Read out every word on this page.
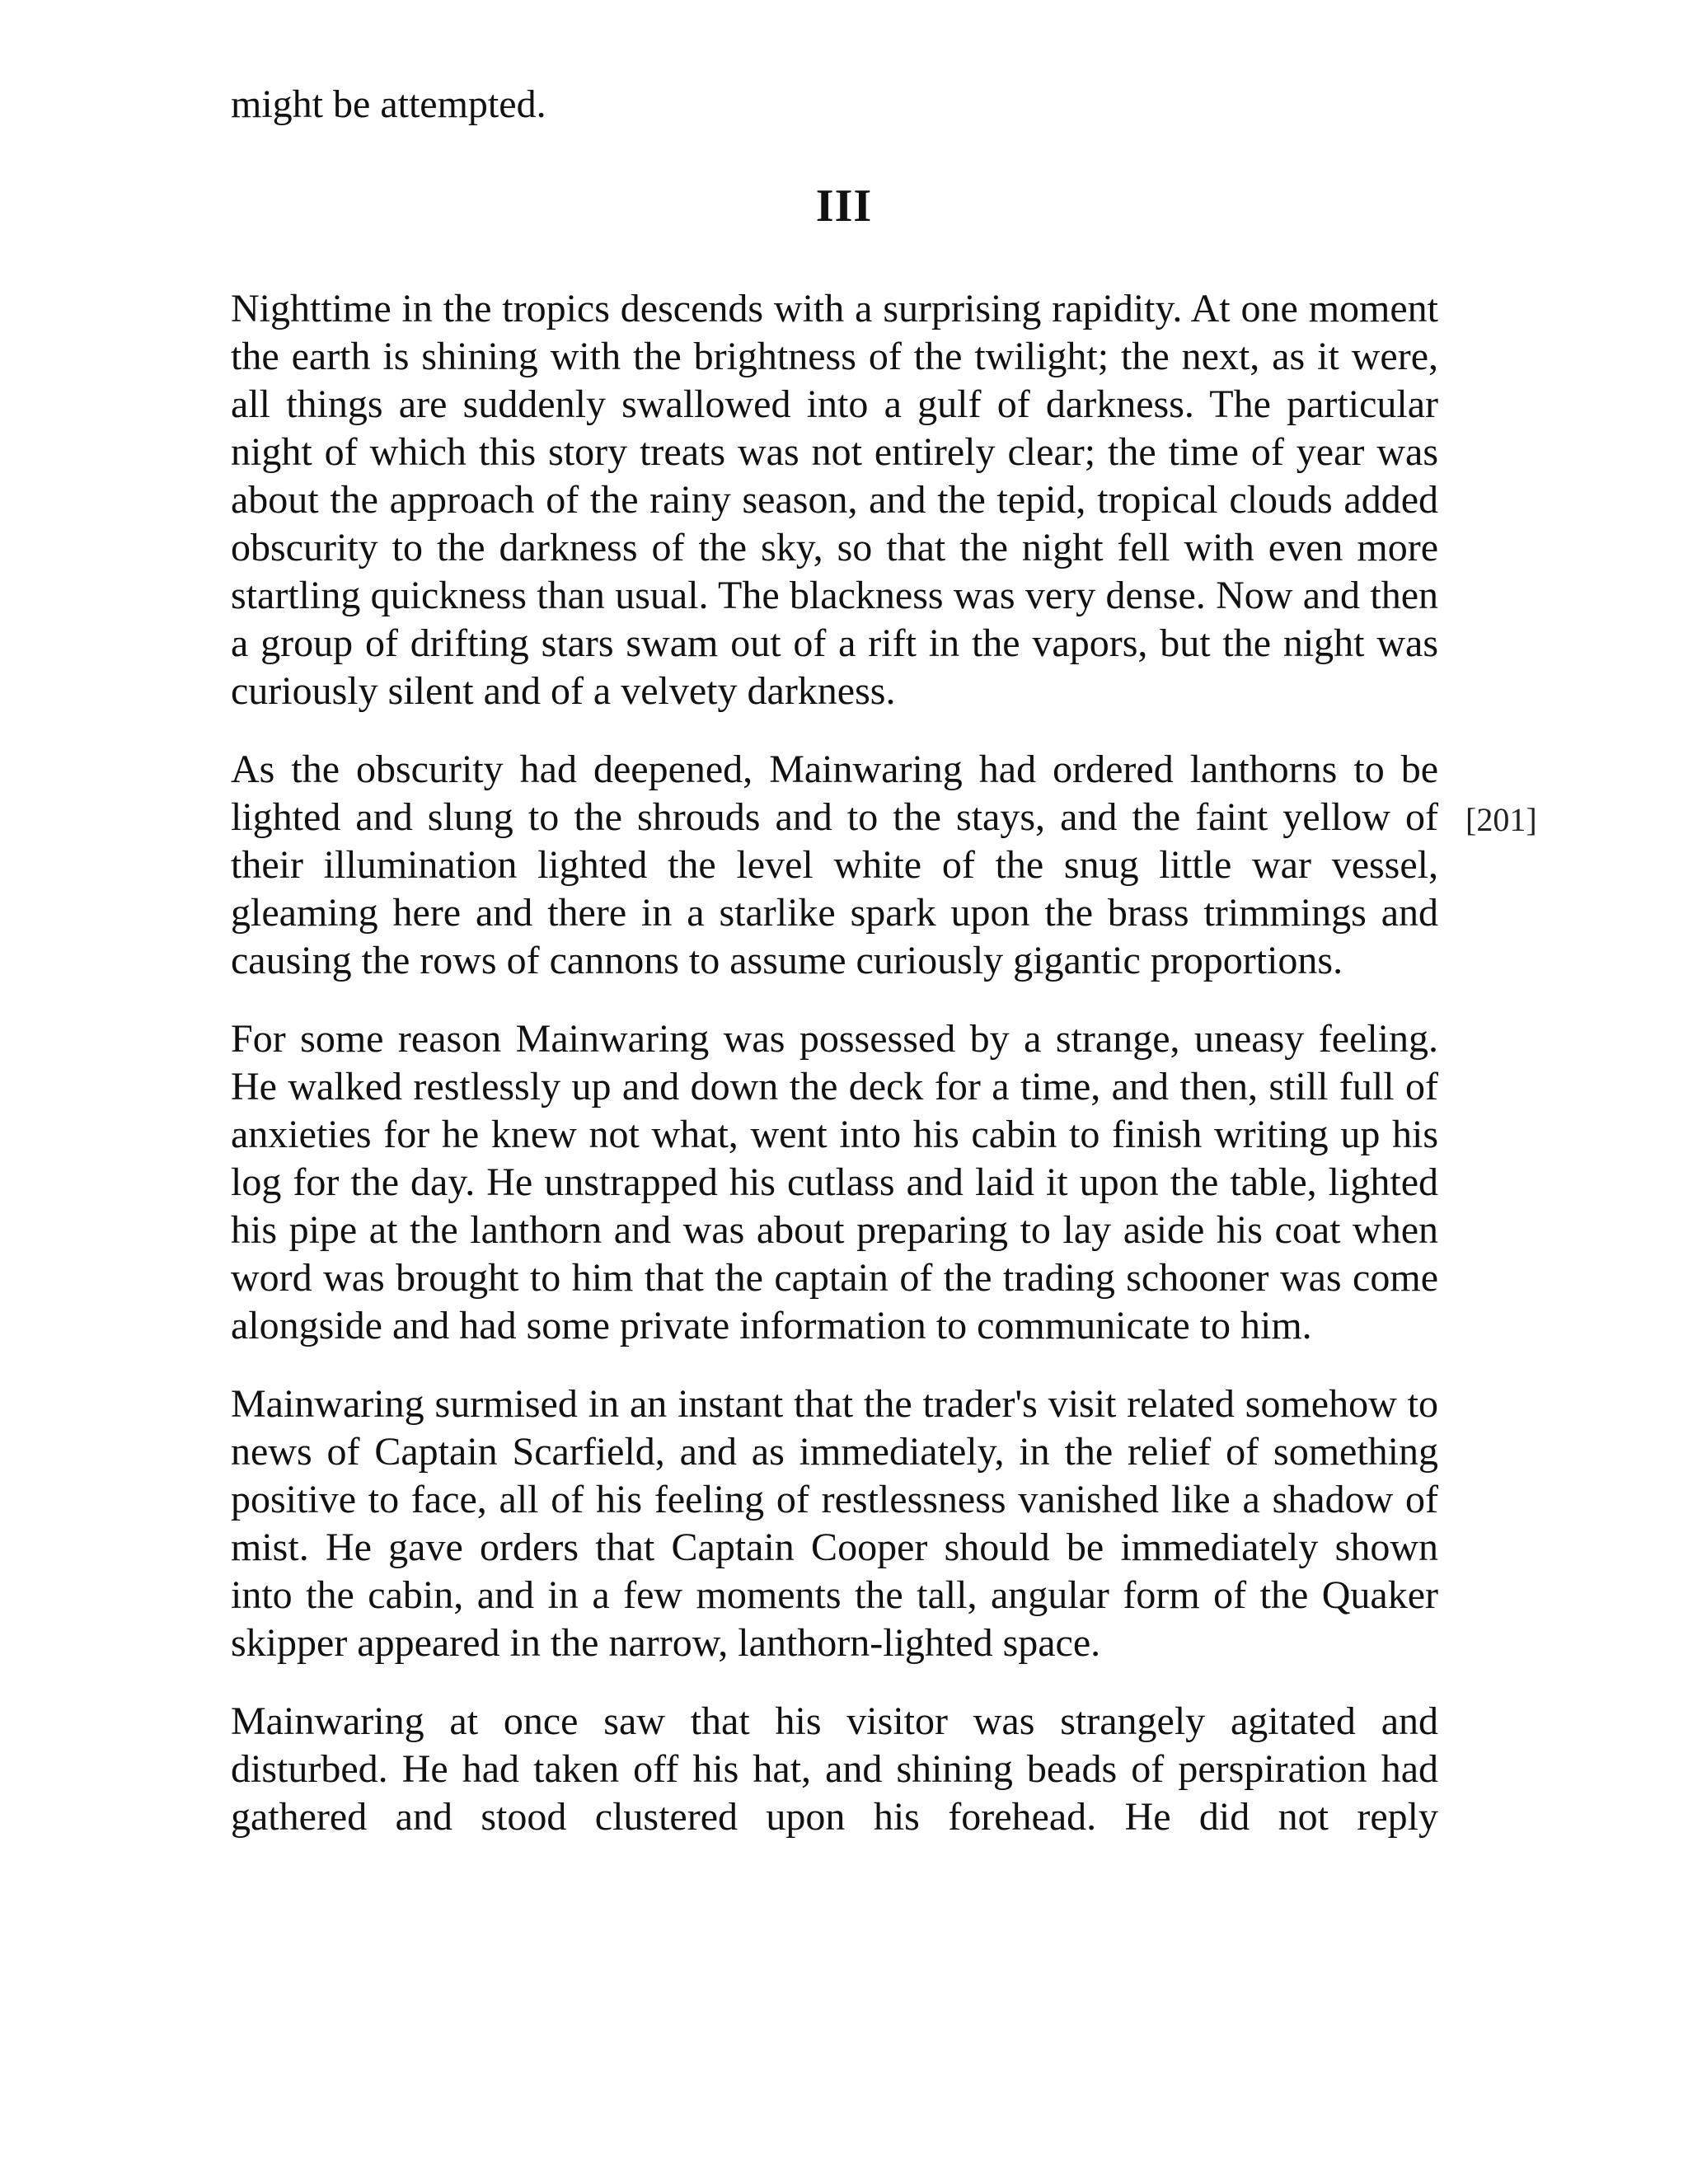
might be attempted.
III

Nighttime in the tropics descends with a surprising rapidity. At one moment the earth is shining with the brightness of the twilight; the next, as it were, all things are suddenly swallowed into a gulf of darkness. The particular night of which this story treats was not entirely clear; the time of year was about the approach of the rainy season, and the tepid, tropical clouds added obscurity to the darkness of the sky, so that the night fell with even more startling quickness than usual. The blackness was very dense. Now and then a group of drifting stars swam out of a rift in the vapors, but the night was curiously silent and of a velvety darkness.

As the obscurity had deepened, Mainwaring had ordered lanthorns to be lighted and slung to the shrouds and to the stays, and the faint yellow of their illumination lighted the level white of the snug little war vessel, gleaming here and there in a starlike spark upon the brass trimmings and causing the rows of cannons to assume curiously gigantic proportions.

For some reason Mainwaring was possessed by a strange, uneasy feeling. He walked restlessly up and down the deck for a time, and then, still full of anxieties for he knew not what, went into his cabin to finish writing up his log for the day. He unstrapped his cutlass and laid it upon the table, lighted his pipe at the lanthorn and was about preparing to lay aside his coat when word was brought to him that the captain of the trading schooner was come alongside and had some private information to communicate to him.

Mainwaring surmised in an instant that the trader's visit related somehow to news of Captain Scarfield, and as immediately, in the relief of something positive to face, all of his feeling of restlessness vanished like a shadow of mist. He gave orders that Captain Cooper should be immediately shown into the cabin, and in a few moments the tall, angular form of the Quaker skipper appeared in the narrow, lanthorn-lighted space.

Mainwaring at once saw that his visitor was strangely agitated and disturbed. He had taken off his hat, and shining beads of perspiration had gathered and stood clustered upon his forehead. He did not reply

[201]
